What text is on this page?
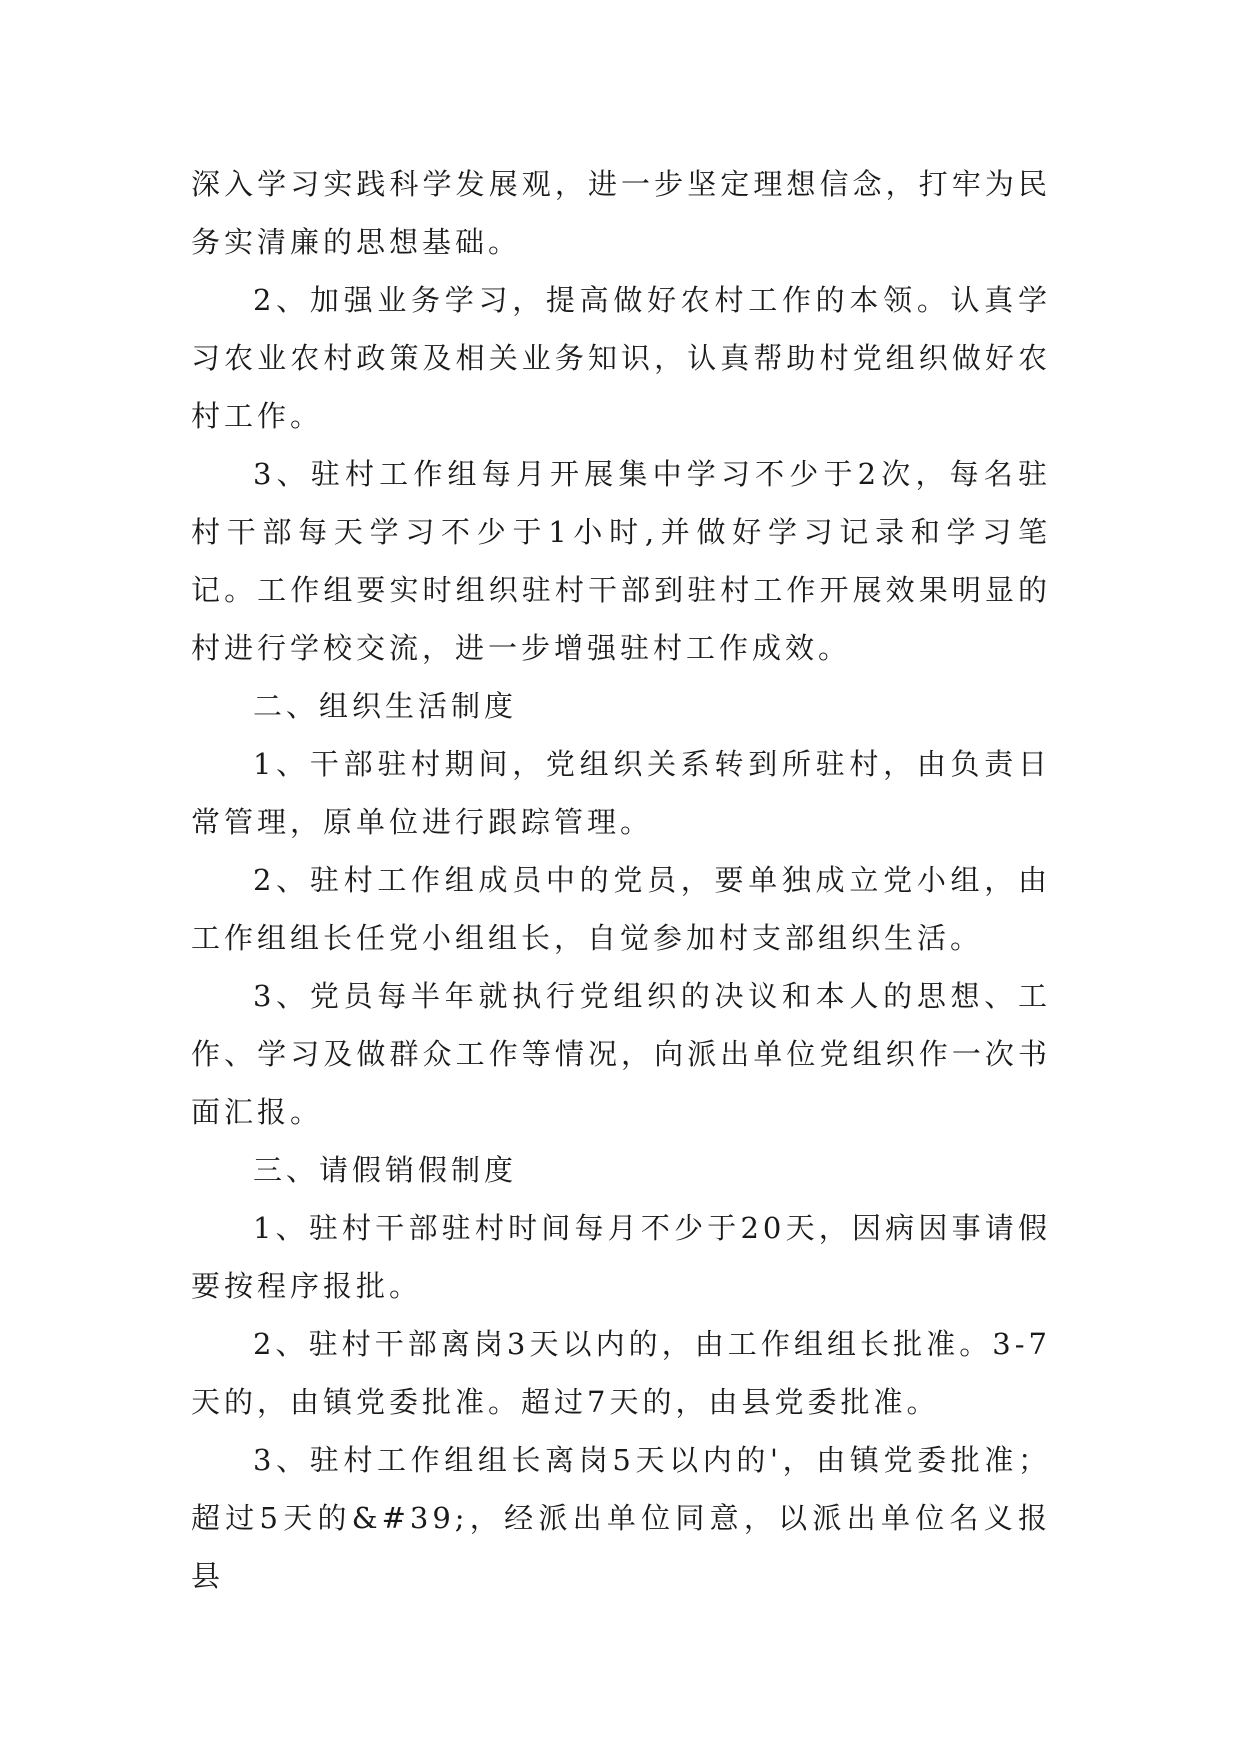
深入学习实践科学发展观，进一步坚定理想信念，打牢为民务实清廉的思想基础。

2、加强业务学习，提高做好农村工作的本领。认真学习农业农村政策及相关业务知识，认真帮助村党组织做好农村工作。

3、驻村工作组每月开展集中学习不少于2次，每名驻村干部每天学习不少于1小时,并做好学习记录和学习笔记。工作组要实时组织驻村干部到驻村工作开展效果明显的村进行学校交流，进一步增强驻村工作成效。

二、组织生活制度

1、干部驻村期间，党组织关系转到所驻村，由负责日常管理，原单位进行跟踪管理。

2、驻村工作组成员中的党员，要单独成立党小组，由工作组组长任党小组组长，自觉参加村支部组织生活。

3、党员每半年就执行党组织的决议和本人的思想、工作、学习及做群众工作等情况，向派出单位党组织作一次书面汇报。

三、请假销假制度

1、驻村干部驻村时间每月不少于20天，因病因事请假要按程序报批。

2、驻村干部离岗3天以内的，由工作组组长批准。3-7天的，由镇党委批准。超过7天的，由县党委批准。

3、驻村工作组组长离岗5天以内的'，由镇党委批准；超过5天的&#39;，经派出单位同意，以派出单位名义报县
